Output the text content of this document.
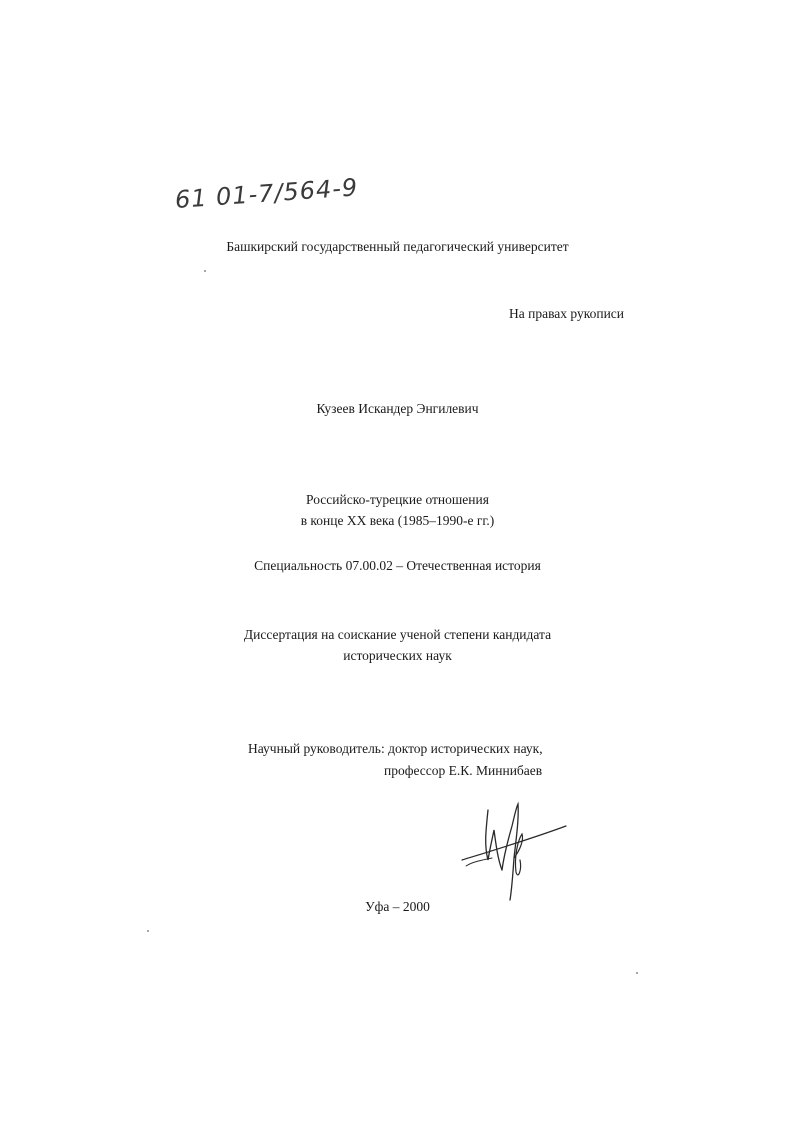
61 01-7/564-9
Башкирский государственный педагогический университет
На правах рукописи
Кузеев Искандер Энгилевич
Российско-турецкие отношения
в конце XX века (1985–1990-е гг.)
Специальность 07.00.02 – Отечественная история
Диссертация на соискание ученой степени кандидата
исторических наук
Научный руководитель: доктор исторических наук,
профессор Е.К. Миннибаев
Уфа – 2000
